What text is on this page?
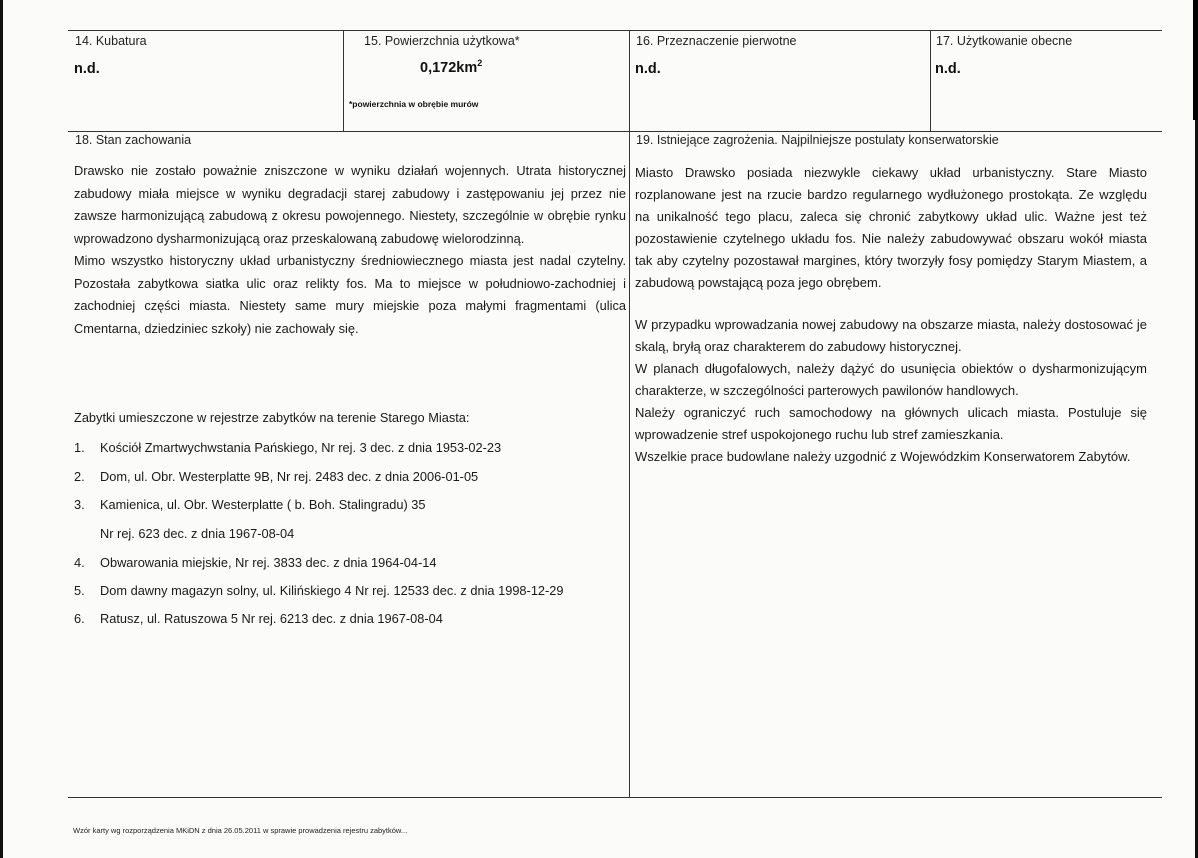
14. Kubatura
n.d.
15. Powierzchnia użytkowa*
$0,172km^2$
*powierzchnia w obrębie murów
16. Przeznaczenie pierwotne
n.d.
17. Użytkowanie obecne
n.d.
18. Stan zachowania

Drawsko nie zostało poważnie zniszczone w wyniku działań wojennych. Utrata historycznej zabudowy miała miejsce w wyniku degradacji starej zabudowy i zastępowaniu jej przez nie zawsze harmonizującą zabudową z okresu powojennego. Niestety, szczególnie w obrębie rynku wprowadzono dysharmonizującą oraz przeskalowaną zabudowę wielorodzinną.

Mimo wszystko historyczny układ urbanistyczny średniowiecznego miasta jest nadal czytelny. Pozostała zabytkowa siatka ulic oraz relikty fos. Ma to miejsce w południowo-zachodniej i zachodniej części miasta. Niestety same mury miejskie poza małymi fragmentami (ulica Cmentarna, dziedziniec szkoły) nie zachowały się.

Zabytki umieszczone w rejestrze zabytków na terenie Starego Miasta:
1. Kościół Zmartwychwstania Pańskiego, Nr rej. 3 dec. z dnia 1953-02-23
2. Dom, ul. Obr. Westerplatte 9B, Nr rej. 2483 dec. z dnia 2006-01-05
3. Kamienica, ul. Obr. Westerplatte ( b. Boh. Stalingradu) 35
Nr rej. 623 dec. z dnia 1967-08-04
4. Obwarowania miejskie, Nr rej. 3833 dec. z dnia 1964-04-14
5. Dom dawny magazyn solny, ul. Kilińskiego 4 Nr rej. 12533 dec. z dnia 1998-12-29
6. Ratusz, ul. Ratuszowa 5 Nr rej. 6213 dec. z dnia 1967-08-04
19. Istniejące zagrożenia. Najpilniejsze postulaty konserwatorskie

Miasto Drawsko posiada niezwykle ciekawy układ urbanistyczny. Stare Miasto rozplanowane jest na rzucie bardzo regularnego wydłużonego prostokąta. Ze względu na unikalność tego placu, zaleca się chronić zabytkowy układ ulic. Ważne jest też pozostawienie czytelnego układu fos. Nie należy zabudowywać obszaru wokół miasta tak aby czytelny pozostawał margines, który tworzyły fosy pomiędzy Starym Miastem, a zabudową powstającą poza jego obrębem.

W przypadku wprowadzania nowej zabudowy na obszarze miasta, należy dostosować je skalą, bryłą oraz charakterem do zabudowy historycznej.

W planach długofalowych, należy dążyć do usunięcia obiektów o dysharmonizującym charakterze, w szczególności parterowych pawilonów handlowych.

Należy ograniczyć ruch samochodowy na głównych ulicach miasta. Postuluje się wprowadzenie stref uspokojonego ruchu lub stref zamieszkania.

Wszelkie prace budowlane należy uzgodnić z Wojewódzkim Konserwatorem Zabytów.

Wzór karty wg rozporządzenia MKiDN z dnia 26.05.2011 w sprawie prowadzenia rejestru zabytków...
